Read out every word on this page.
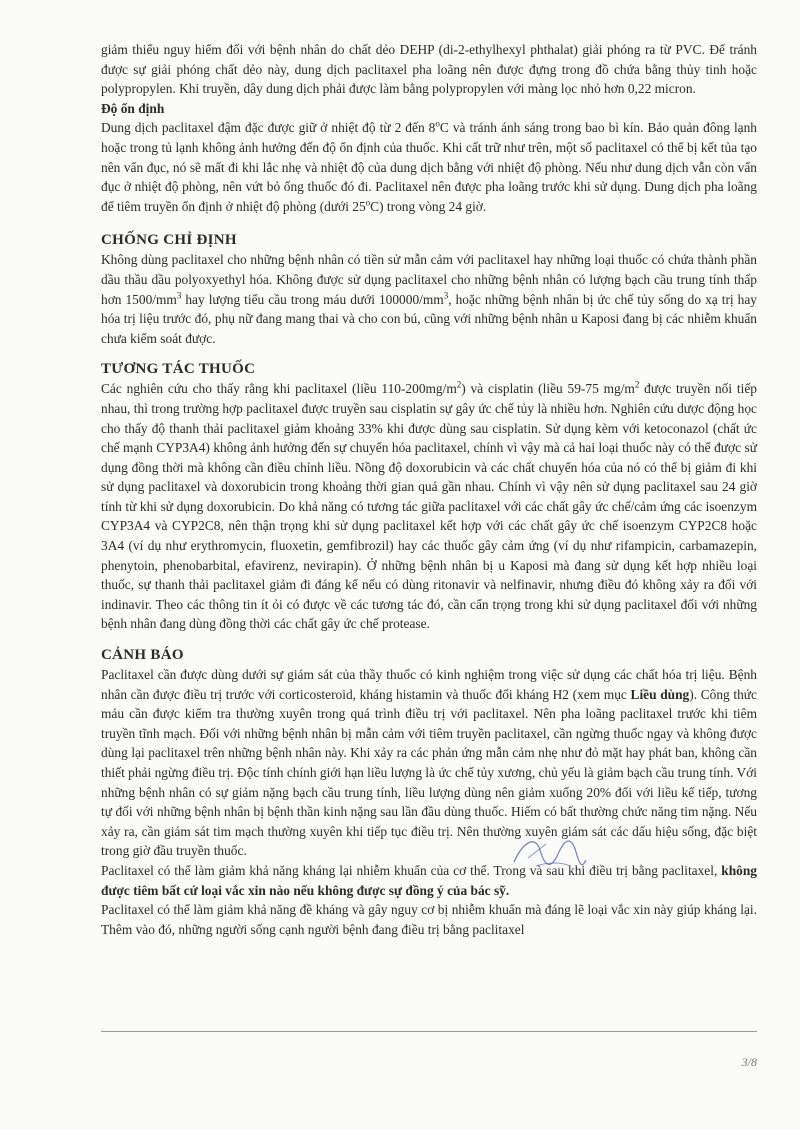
giảm thiểu nguy hiểm đối với bệnh nhân do chất dẻo DEHP (di-2-ethylhexyl phthalat) giải phóng ra từ PVC. Để tránh được sự giải phóng chất dẻo này, dung dịch paclitaxel pha loãng nên được đựng trong đồ chứa bằng thủy tinh hoặc polypropylen. Khi truyền, dây dung dịch phải được làm bằng polypropylen với màng lọc nhỏ hơn 0,22 micron.

Độ ổn định

Dung dịch paclitaxel đậm đặc được giữ ở nhiệt độ từ 2 đến 8$^o$C và tránh ánh sáng trong bao bì kín. Bảo quản đông lạnh hoặc trong tủ lạnh không ảnh hưởng đến độ ổn định của thuốc. Khi cất trữ như trên, một số paclitaxel có thể bị kết tủa tạo nên vẩn đục, nó sẽ mất đi khi lắc nhẹ và nhiệt độ của dung dịch bằng với nhiệt độ phòng. Nếu như dung dịch vẫn còn vẩn đục ở nhiệt độ phòng, nên vứt bỏ ống thuốc đó đi. Paclitaxel nên được pha loãng trước khi sử dụng. Dung dịch pha loãng để tiêm truyền ổn định ở nhiệt độ phòng (dưới 25$^o$C) trong vòng 24 giờ.

CHỐNG CHỈ ĐỊNH

Không dùng paclitaxel cho những bệnh nhân có tiền sử mẫn cảm với paclitaxel hay những loại thuốc có chứa thành phần dầu thầu dầu polyoxyethyl hóa. Không được sử dụng paclitaxel cho những bệnh nhân có lượng bạch cầu trung tính thấp hơn $1500/mm^3$ hay lượng tiểu cầu trong máu dưới $100000/mm^3$, hoặc những bệnh nhân bị ức chế tủy sống do xạ trị hay hóa trị liệu trước đó, phụ nữ đang mang thai và cho con bú, cũng với những bệnh nhân u Kaposi đang bị các nhiễm khuẩn chưa kiểm soát được.

TƯƠNG TÁC THUỐC

Các nghiên cứu cho thấy rằng khi paclitaxel (liều $110-200mg/m^2$) và cisplatin (liều 59-75 $mg/m^2$ được truyền nối tiếp nhau, thì trong trường hợp paclitaxel được truyền sau cisplatin sự gây ức chế tủy là nhiều hơn. Nghiên cứu dược động học cho thấy độ thanh thải paclitaxel giảm khoảng 33% khi được dùng sau cisplatin. Sử dụng kèm với ketoconazol (chất ức chế mạnh CYP3A4) không ảnh hưởng đến sự chuyển hóa paclitaxel, chính vì vậy mà cả hai loại thuốc này có thể được sử dụng đồng thời mà không cần điều chỉnh liều. Nồng độ doxorubicin và các chất chuyển hóa của nó có thể bị giảm đi khi sử dụng paclitaxel và doxorubicin trong khoảng thời gian quá gần nhau. Chính vì vậy nên sử dụng paclitaxel sau 24 giờ tính từ khi sử dụng doxorubicin. Do khả năng có tương tác giữa paclitaxel với các chất gây ức chế/cảm ứng các isoenzym CYP3A4 và CYP2C8, nên thận trọng khi sử dụng paclitaxel kết hợp với các chất gây ức chế isoenzym CYP2C8 hoặc 3A4 (ví dụ như erythromycin, fluoxetin, gemfibrozil) hay các thuốc gây cảm ứng (ví dụ như rifampicin, carbamazepin, phenytoin, phenobarbital, efavirenz, nevirapin). Ở những bệnh nhân bị u Kaposi mà đang sử dụng kết hợp nhiều loại thuốc, sự thanh thải paclitaxel giảm đi đáng kể nếu có dùng ritonavir và nelfinavir, nhưng điều đó không xảy ra đối với indinavir. Theo các thông tin ít ỏi có được về các tương tác đó, cần cẩn trọng trong khi sử dụng paclitaxel đối với những bệnh nhân đang dùng đồng thời các chất gây ức chế protease.

CẢNH BÁO

Paclitaxel cần được dùng dưới sự giám sát của thầy thuốc có kinh nghiệm trong việc sử dụng các chất hóa trị liệu. Bệnh nhân cần được điều trị trước với corticosteroid, kháng histamin và thuốc đối kháng H2 (xem mục Liều dùng). Công thức máu cần được kiểm tra thường xuyên trong quá trình điều trị với paclitaxel. Nên pha loãng paclitaxel trước khi tiêm truyền tĩnh mạch. Đối với những bệnh nhân bị mẫn cảm với tiêm truyền paclitaxel, cần ngừng thuốc ngay và không được dùng lại paclitaxel trên những bệnh nhân này. Khi xảy ra các phản ứng mẫn cảm nhẹ như đỏ mặt hay phát ban, không cần thiết phải ngừng điều trị. Độc tính chính giới hạn liều lượng là ức chế tủy xương, chủ yếu là giảm bạch cầu trung tính. Với những bệnh nhân có sự giảm nặng bạch cầu trung tính, liều lượng dùng nên giảm xuống 20% đối với liều kế tiếp, tương tự đối với những bệnh nhân bị bệnh thần kinh nặng sau lần đầu dùng thuốc. Hiếm có bất thường chức năng tim nặng. Nếu xảy ra, cần giám sát tim mạch thường xuyên khi tiếp tục điều trị. Nên thường xuyên giám sát các dấu hiệu sống, đặc biệt trong giờ đầu truyền thuốc.

Paclitaxel có thể làm giảm khả năng kháng lại nhiễm khuẩn của cơ thể. Trong và sau khi điều trị bằng paclitaxel, không được tiêm bất cứ loại vắc xin nào nếu không được sự đồng ý của bác sỹ.

Paclitaxel có thể làm giảm khả năng đề kháng và gây nguy cơ bị nhiễm khuẩn mà đáng lẽ loại vắc xin này giúp kháng lại. Thêm vào đó, những người sống cạnh người bệnh đang điều trị bằng paclitaxel

3/8
